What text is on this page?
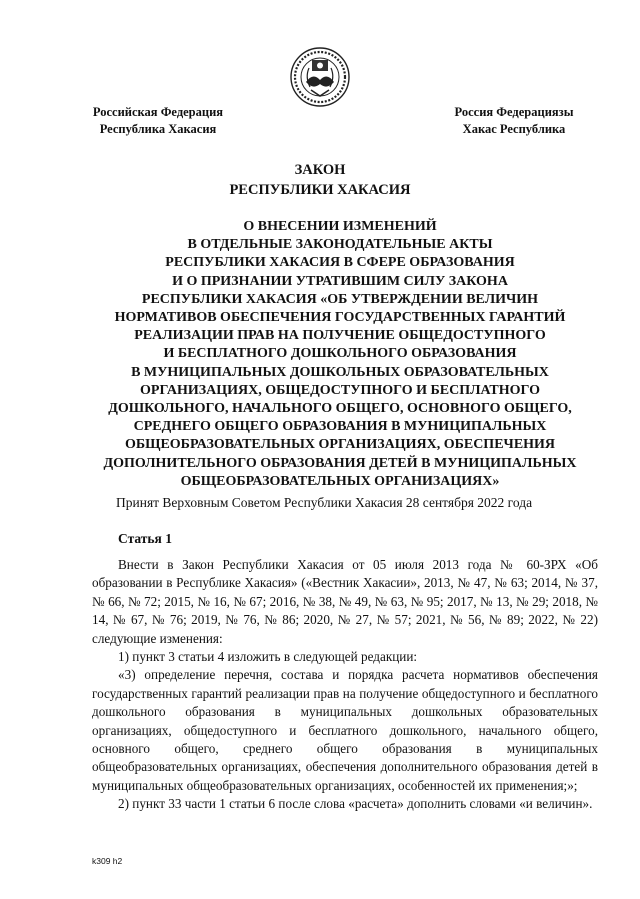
Российская Федерация
Республика Хакасия
Россия Федерациязы
Хакас Республика
ЗАКОН
РЕСПУБЛИКИ ХАКАСИЯ
О ВНЕСЕНИИ ИЗМЕНЕНИЙ
В ОТДЕЛЬНЫЕ ЗАКОНОДАТЕЛЬНЫЕ АКТЫ
РЕСПУБЛИКИ ХАКАСИЯ В СФЕРЕ ОБРАЗОВАНИЯ
И О ПРИЗНАНИИ УТРАТИВШИМ СИЛУ ЗАКОНА
РЕСПУБЛИКИ ХАКАСИЯ «ОБ УТВЕРЖДЕНИИ ВЕЛИЧИН
НОРМАТИВОВ ОБЕСПЕЧЕНИЯ ГОСУДАРСТВЕННЫХ ГАРАНТИЙ
РЕАЛИЗАЦИИ ПРАВ НА ПОЛУЧЕНИЕ ОБЩЕДОСТУПНОГО
И БЕСПЛАТНОГО ДОШКОЛЬНОГО ОБРАЗОВАНИЯ
В МУНИЦИПАЛЬНЫХ ДОШКОЛЬНЫХ ОБРАЗОВАТЕЛЬНЫХ
ОРГАНИЗАЦИЯХ, ОБЩЕДОСТУПНОГО И БЕСПЛАТНОГО
ДОШКОЛЬНОГО, НАЧАЛЬНОГО ОБЩЕГО, ОСНОВНОГО ОБЩЕГО,
СРЕДНЕГО ОБЩЕГО ОБРАЗОВАНИЯ В МУНИЦИПАЛЬНЫХ
ОБЩЕОБРАЗОВАТЕЛЬНЫХ ОРГАНИЗАЦИЯХ, ОБЕСПЕЧЕНИЯ
ДОПОЛНИТЕЛЬНОГО ОБРАЗОВАНИЯ ДЕТЕЙ В МУНИЦИПАЛЬНЫХ
ОБЩЕОБРАЗОВАТЕЛЬНЫХ ОРГАНИЗАЦИЯХ»
Принят Верховным Советом Республики Хакасия 28 сентября 2022 года
Статья 1

Внести в Закон Республики Хакасия от 05 июля 2013 года № 60-ЗРХ «Об образовании в Республике Хакасия» («Вестник Хакасии», 2013, № 47, № 63; 2014, № 37, № 66, № 72; 2015, № 16, № 67; 2016, № 38, № 49, № 63, № 95; 2017, № 13, № 29; 2018, № 14, № 67, № 76; 2019, № 76, № 86; 2020, № 27, № 57; 2021, № 56, № 89; 2022, № 22) следующие изменения:

1) пункт 3 статьи 4 изложить в следующей редакции:

«3) определение перечня, состава и порядка расчета нормативов обеспечения государственных гарантий реализации прав на получение общедоступного и бесплатного дошкольного образования в муниципальных дошкольных образовательных организациях, общедоступного и бесплатного дошкольного, начального общего, основного общего, среднего общего образования в муниципальных общеобразовательных организациях, обеспечения дополнительного образования детей в муниципальных общеобразовательных организациях, особенностей их применения;»;

2) пункт 33 части 1 статьи 6 после слова «расчета» дополнить словами «и величин».

k309 h2
